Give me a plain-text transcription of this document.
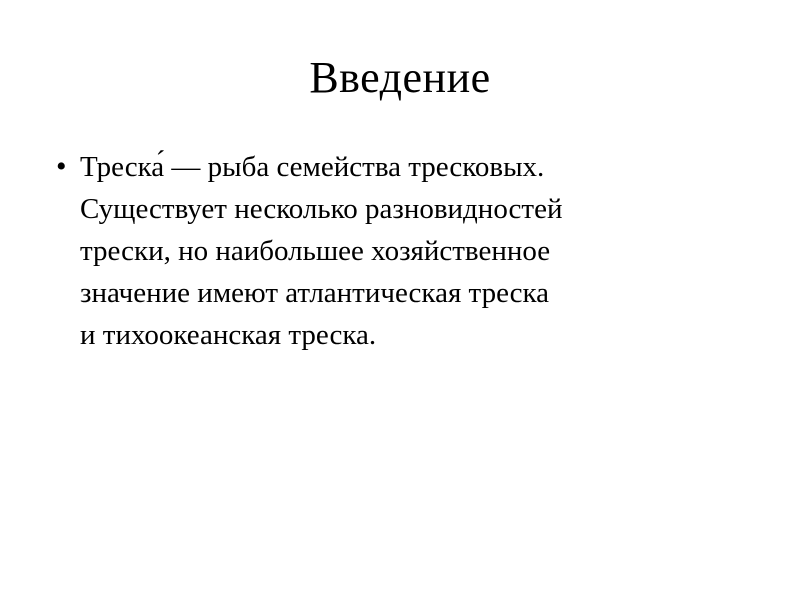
Введение
• Треска́ — рыба семейства тресковых.
Существует несколько разновидностей
трески, но наибольшее хозяйственное
значение имеют атлантическая треска
и тихоокеанская треска.
